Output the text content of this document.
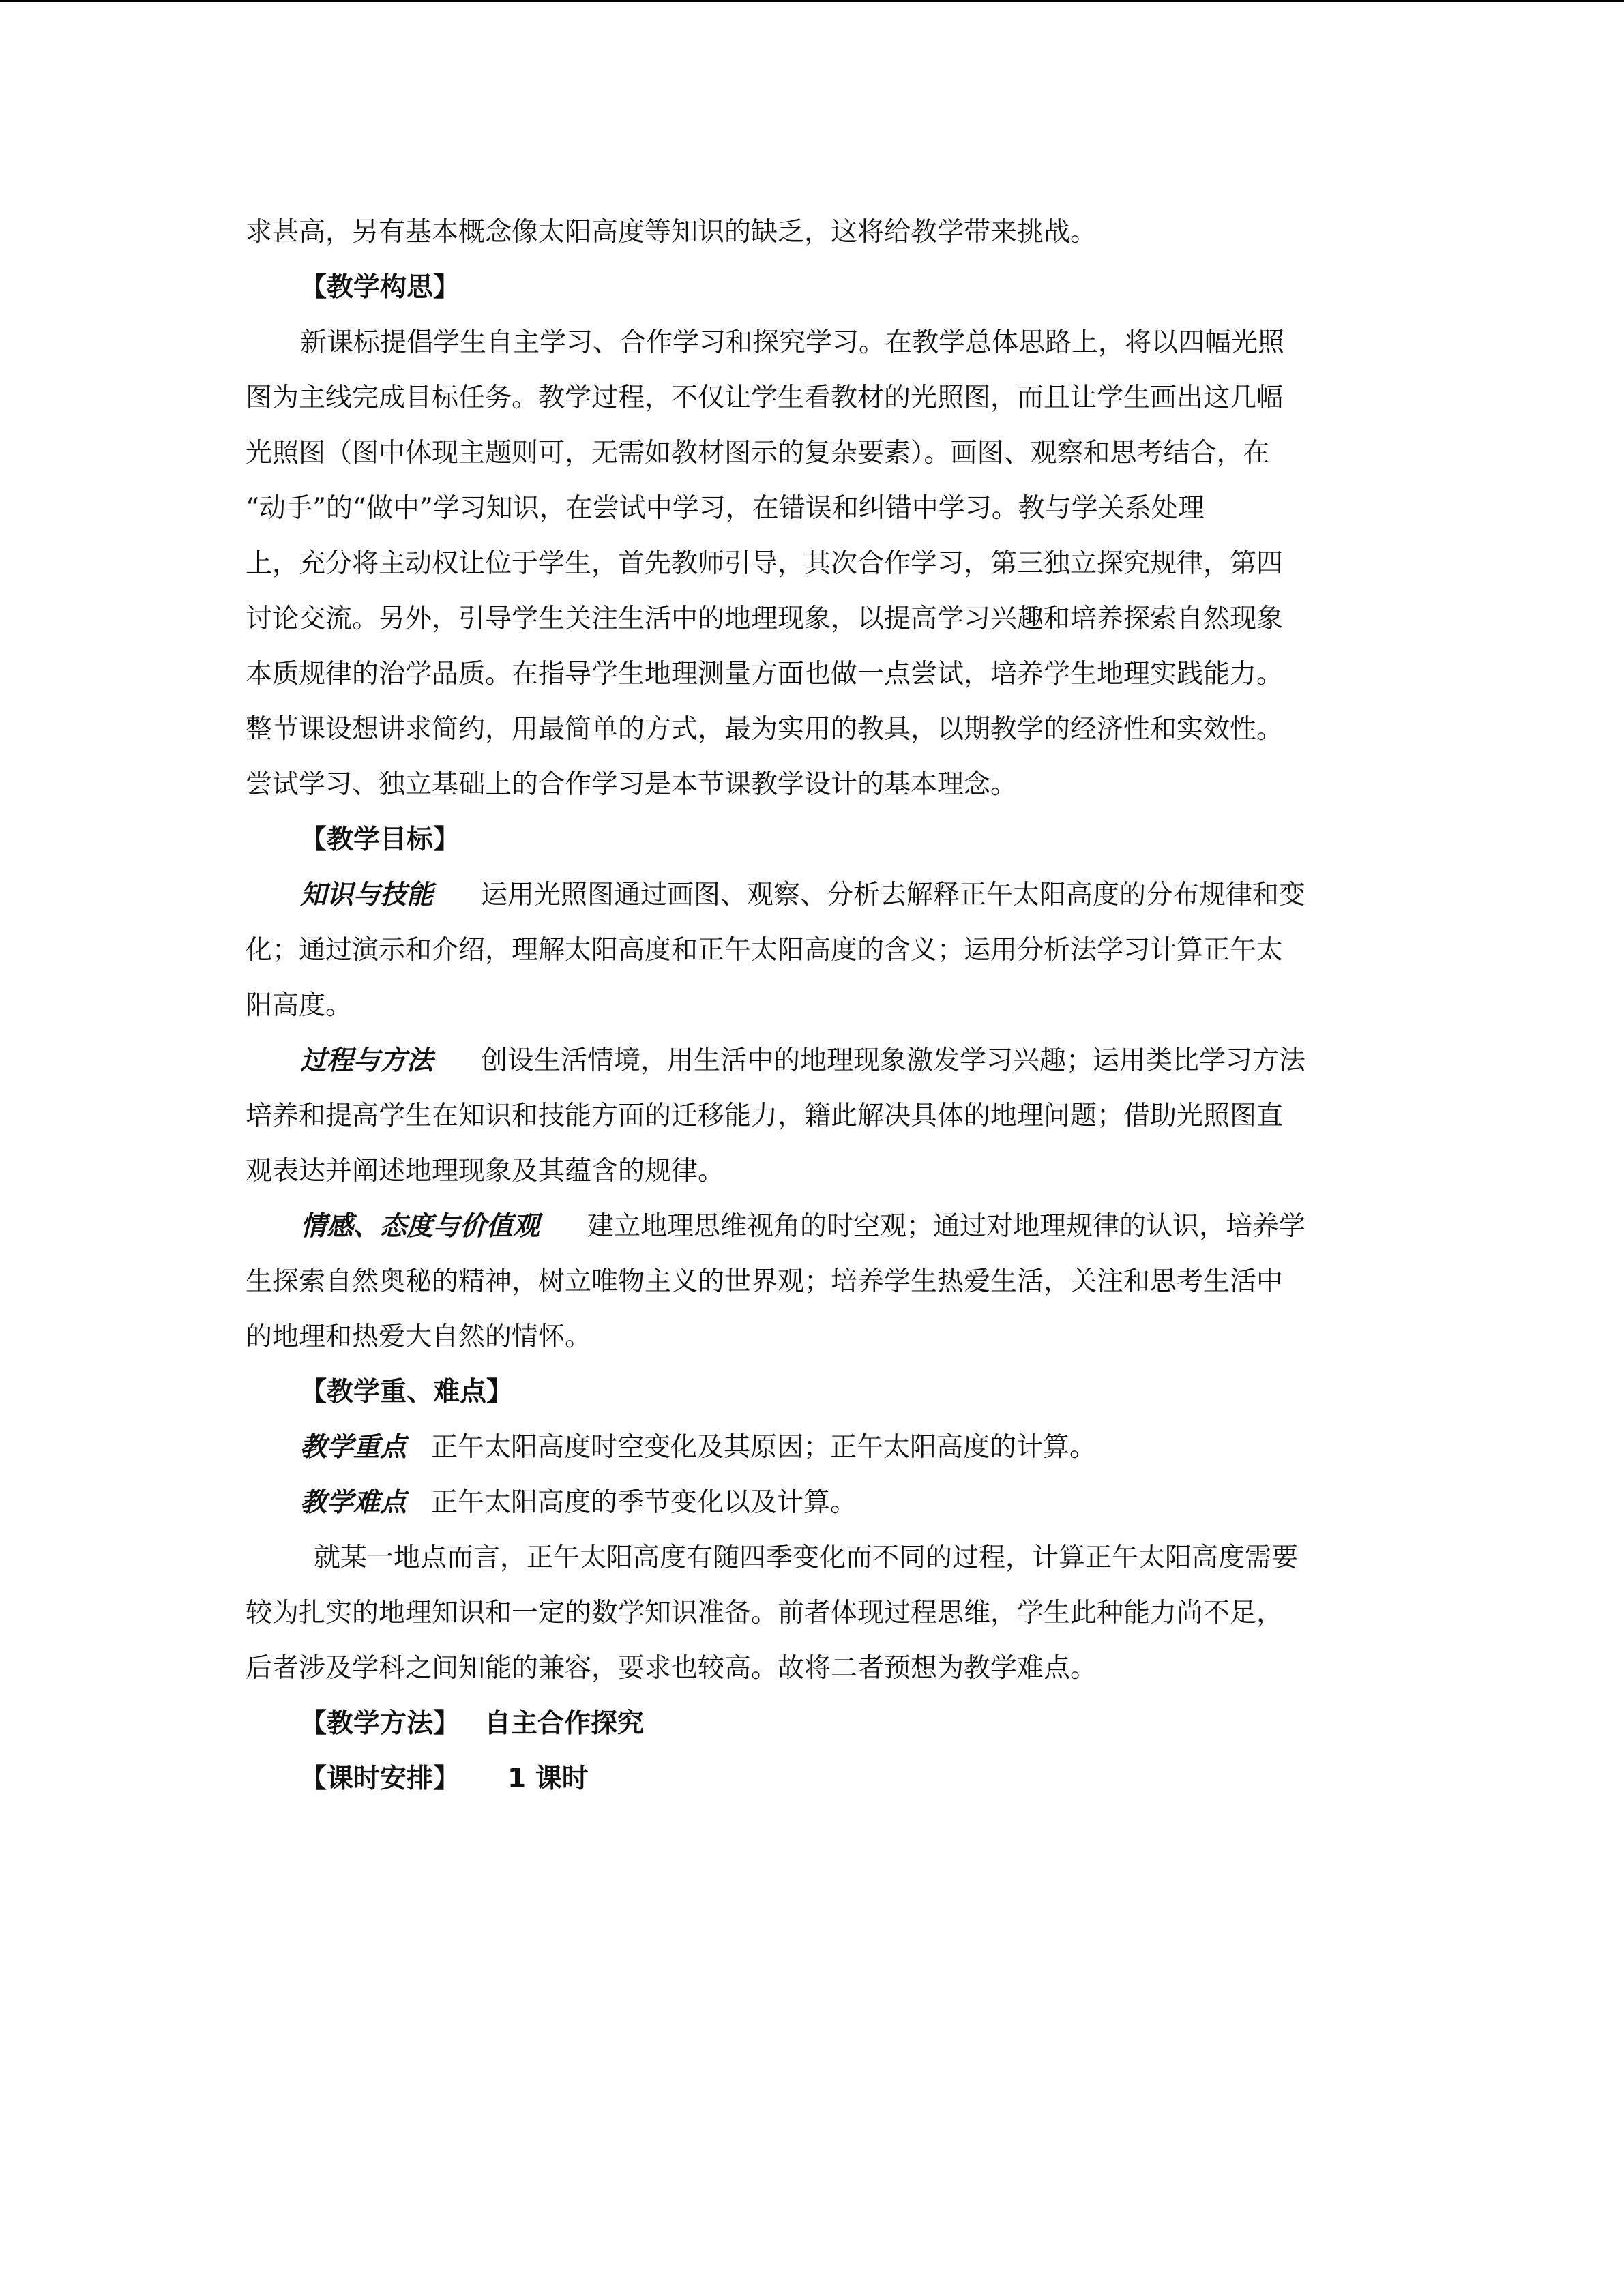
求甚高，另有基本概念像太阳高度等知识的缺乏，这将给教学带来挑战。

【教学构思】

新课标提倡学生自主学习、合作学习和探究学习。在教学总体思路上，将以四幅光照

图为主线完成目标任务。教学过程，不仅让学生看教材的光照图，而且让学生画出这几幅

光照图（图中体现主题则可，无需如教材图示的复杂要素）。画图、观察和思考结合，在

“动手”的“做中”学习知识，在尝试中学习，在错误和纠错中学习。教与学关系处理

上，充分将主动权让位于学生，首先教师引导，其次合作学习，第三独立探究规律，第四

讨论交流。另外，引导学生关注生活中的地理现象，以提高学习兴趣和培养探索自然现象

本质规律的治学品质。在指导学生地理测量方面也做一点尝试，培养学生地理实践能力。

整节课设想讲求简约，用最简单的方式，最为实用的教具，以期教学的经济性和实效性。

尝试学习、独立基础上的合作学习是本节课教学设计的基本理念。

【教学目标】

知识与技能 运用光照图通过画图、观察、分析去解释正午太阳高度的分布规律和变

化；通过演示和介绍，理解太阳高度和正午太阳高度的含义；运用分析法学习计算正午太

阳高度。

过程与方法 创设生活情境，用生活中的地理现象激发学习兴趣；运用类比学习方法

培养和提高学生在知识和技能方面的迁移能力，籍此解决具体的地理问题；借助光照图直

观表达并阐述地理现象及其蕴含的规律。

情感、态度与价值观 建立地理思维视角的时空观；通过对地理规律的认识，培养学

生探索自然奥秘的精神，树立唯物主义的世界观；培养学生热爱生活，关注和思考生活中

的地理和热爱大自然的情怀。

【教学重、难点】

教学重点 正午太阳高度时空变化及其原因；正午太阳高度的计算。

教学难点 正午太阳高度的季节变化以及计算。

就某一地点而言，正午太阳高度有随四季变化而不同的过程，计算正午太阳高度需要

较为扎实的地理知识和一定的数学知识准备。前者体现过程思维，学生此种能力尚不足，

后者涉及学科之间知能的兼容，要求也较高。故将二者预想为教学难点。

【教学方法】 自主合作探究

【课时安排】 1 课时
